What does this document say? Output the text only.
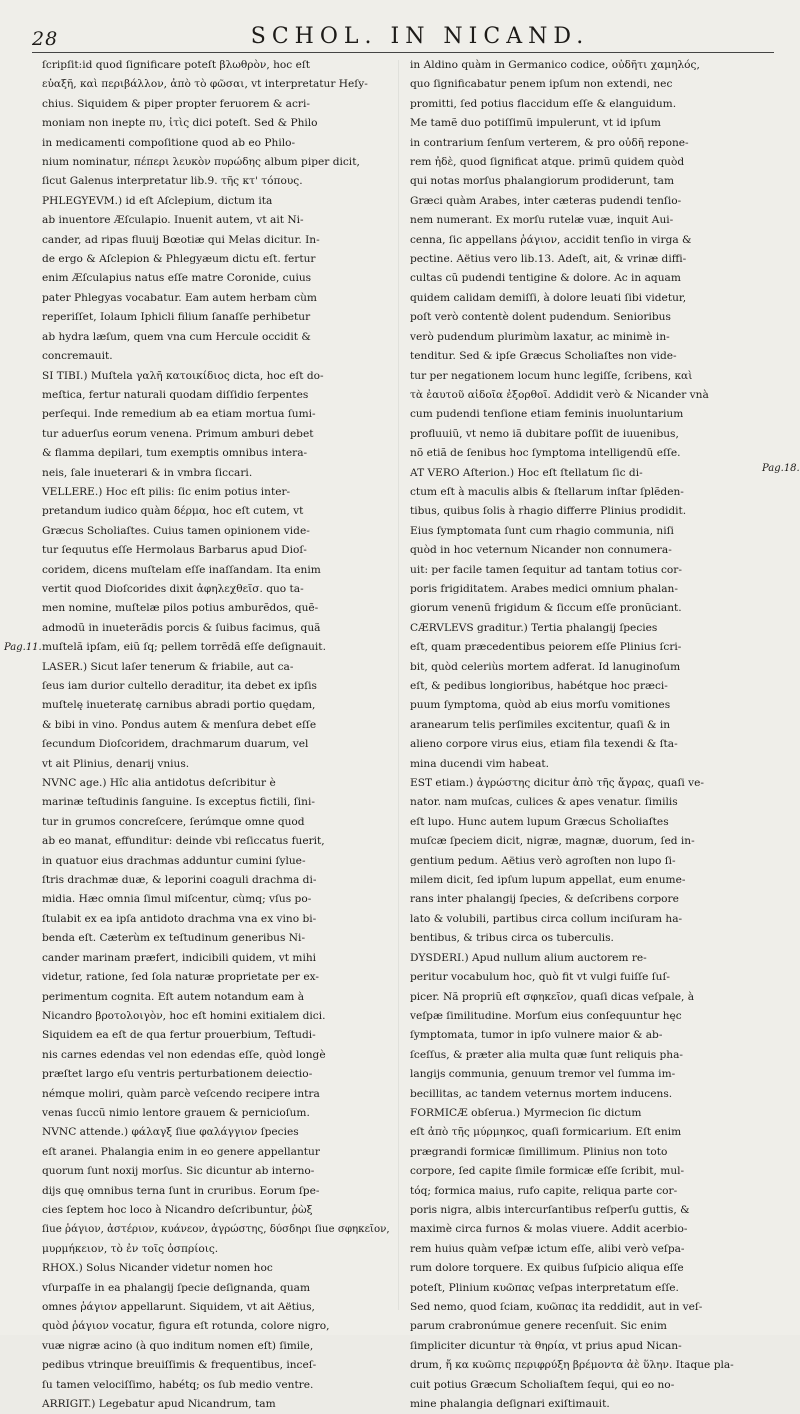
28	SCHOL. IN NICAND.
ſcripſit:id quod ſignificare poteſt βλωθρὸν, hoc eſt
εὐαξῆ, καὶ περιβάλλον, ἀπὸ τὸ φῶσαι, vt interpretatur Heſy-
chius. Siquidem & piper propter feruorem & acri-
moniam non inepte πυ, ἰτὶς dici poteſt. Sed & Philo
in medicamenti compoſitione quod ab eo Philo-
nium nominatur, πέπερι λευκὸν πυρώδης album piper dicit,
ſicut Galenus interpretatur lib.9. τῆς κτ' τόπους.
PHLEGYEVM.) id eſt Aſclepium, dictum ita
ab inuentore Æſculapio. Inuenit autem, vt ait Ni-
cander, ad ripas fluuij Bœotiæ qui Melas dicitur. In-
de ergo & Aſclepion & Phlegyæum dictu eſt. fertur
enim Æſculapius natus eſſe matre Coronide, cuius
pater Phlegyas vocabatur. Eam autem herbam cùm
reperiſſet, Iolaum Iphicli filium ſanaſſe perhibetur
ab hydra læſum, quem vna cum Hercule occidit &
concremauit.
SI TIBI.) Muſtela γαλῆ κατοικίδιος dicta, hoc eſt do-
meſtica, fertur naturali quodam diſſidio ſerpentes
perſequi. Inde remedium ab ea etiam mortua ſumi-
tur aduerſus eorum venena. Primum amburi debet
& flamma depilari, tum exemptis omnibus intera-
neis, ſale inueterari & in vmbra ſiccari.
VELLERE.) Hoc eſt pilis: ſic enim potius inter-
pretandum iudico quàm δέρμα, hoc eſt cutem, vt
Græcus Scholiaſtes. Cuius tamen opinionem vide-
tur ſequutus eſſe Hermolaus Barbarus apud Dioſ-
coridem, dicens muſtelam eſſe inaſſandam. Ita enim
vertit quod Dioſcorides dixit ἀφηλεχθεῖσ. quo ta-
men nomine, muſtelæ pilos potius amburẽdos, quẽ-
admodũ in inueterãdis porcis & ſuibus facimus, quã
muſtelã ipſam, eiũ ſq; pellem torrẽdã eſſe deſignauit.
LASER.) Sicut laſer tenerum & friabile, aut ca-
ſeus iam durior cultello deraditur, ita debet ex ipſis
muſtelę inueteratę carnibus abradi portio quędam,
& bibi in vino. Pondus autem & menſura debet eſſe
ſecundum Dioſcoridem, drachmarum duarum, vel
vt ait Plinius, denarij vnius.
NVNC age.) Hîc alia antidotus deſcribitur è
marinæ teſtudinis ſanguine. Is exceptus fictili, ſini-
tur in grumos concreſcere, ſerúmque omne quod
ab eo manat, effunditur: deinde vbi reſiccatus fuerit,
in quatuor eius drachmas adduntur cumini ſylue-
ſtris drachmæ duæ, & leporini coaguli drachma di-
midia. Hæc omnia ſimul miſcentur, cùmq; vſus po-
ſtulabit ex ea ipſa antidoto drachma vna ex vino bi-
benda eſt. Cæterùm ex teſtudinum generibus Ni-
cander marinam præfert, indicibili quidem, vt mihi
videtur, ratione, ſed ſola naturæ proprietate per ex-
perimentum cognita. Eſt autem notandum eam à
Nicandro βροτολοιγὸν, hoc eſt homini exitialem dici.
Siquidem ea eſt de qua fertur prouerbium, Teſtudi-
nis carnes edendas vel non edendas eſſe, quòd longè
præſtet largo eſu ventris perturbationem deiectio-
némque moliri, quàm parcè veſcendo recipere intra
venas ſuccũ nimio lentore grauem & pernicioſum.
NVNC attende.) φάλαγξ ſiue φαλάγγιον ſpecies
eſt aranei. Phalangia enim in eo genere appellantur
quorum ſunt noxij morſus. Sic dicuntur ab interno-
dijs quę omnibus terna ſunt in cruribus. Eorum ſpe-
cies ſeptem hoc loco à Nicandro deſcribuntur, ῥὼξ
ſiue ῥάγιον, ἀστέριον, κυάνεον, ἀγρώστης, δύσδηρι ſiue σφηκεῖον,
μυρμήκειον, τὸ ἐν τοῖς ὀσπρίοις.
RHOX.) Solus Nicander videtur nomen hoc
vſurpaſſe in ea phalangij ſpecie deſignanda, quam
omnes ῥάγιον appellarunt. Siquidem, vt ait Aëtius,
quòd ῥάγιον vocatur, figura eſt rotunda, colore nigro,
vuæ nigræ acino (à quo inditum nomen eſt) ſimile,
pedibus vtrinque breuiſſimis & frequentibus, inceſ-
ſu tamen velociſſimo, habétq; os ſub medio ventre.
ARRIGIT.) Legebatur apud Nicandrum, tam
in Aldino quàm in Germanico codice, οὐδῆτι χαμηλός,
quo ſignificabatur penem ipſum non extendi, nec
promitti, ſed potius flaccidum eſſe & elanguidum.
Me tamẽ duo potiſſimũ impulerunt, vt id ipſum
in contrarium ſenſum verterem, & pro οὐδῆ repone-
rem ἠδὲ, quod ſignificat atque. primũ quidem quòd
qui notas morſus phalangiorum prodiderunt, tam
Græci quàm Arabes, inter cæteras pudendi tenſio-
nem numerant. Ex morſu rutelæ vuæ, inquit Aui-
cenna, ſic appellans ῥάγιον, accidit tenſio in virga &
pectine. Aëtius vero lib.13. Adeſt, ait, & vrinæ diffi-
cultas cũ pudendi tentigine & dolore. Ac in aquam
quidem calidam demiſſi, à dolore leuati ſibi videtur,
poſt verò contentè dolent pudendum. Senioribus
verò pudendum plurimùm laxatur, ac minimè in-
tenditur. Sed & ipſe Græcus Scholiaſtes non vide-
tur per negationem locum hunc legiſſe, ſcribens, καὶ
τὰ ἐαυτοῦ αἰδοῖα ἐξορθοῖ. Addidit verò & Nicander vnà
cum pudendi tenſione etiam feminis inuoluntarium
profluuiũ, vt nemo iã dubitare poſſit de iuuenibus,
nõ etiã de ſenibus hoc ſymptoma intelligendũ eſſe.
AT VERO Aſterion.) Hoc eſt ſtellatum ſic di-
ctum eſt à maculis albis & ſtellarum inſtar ſplẽden-
tibus, quibus ſolis à rhagio differre Plinius prodidit.
Eius ſymptomata ſunt cum rhagio communia, niſi
quòd in hoc veternum Nicander non connumera-
uit: per facile tamen ſequitur ad tantam totius cor-
poris frigiditatem. Arabes medici omnium phalan-
giorum venenũ frigidum & ſiccum eſſe pronũciant.
CÆRVLEVS graditur.) Tertia phalangij ſpecies
eſt, quam præcedentibus peiorem eſſe Plinius ſcri-
bit, quòd celeriùs mortem adferat. Id lanuginoſum
eſt, & pedibus longioribus, habétque hoc præci-
puum ſymptoma, quòd ab eius morſu vomitiones
aranearum telis perſimiles excitentur, quaſi & in
alieno corpore virus eius, etiam fila texendi & ſta-
mina ducendi vim habeat.
EST etiam.) ἀγρώστης dicitur ἀπὸ τῆς ἄγρας, quaſi ve-
nator. nam muſcas, culices & apes venatur. ſimilis
eſt lupo. Hunc autem lupum Græcus Scholiaſtes
muſcæ ſpeciem dicit, nigræ, magnæ, duorum, ſed in-
gentium pedum. Aëtius verò agroſten non lupo ſi-
milem dicit, ſed ipſum lupum appellat, eum enume-
rans inter phalangij ſpecies, & deſcribens corpore
lato & volubili, partibus circa collum inciſuram ha-
bentibus, & tribus circa os tuberculis.
DYSDERI.) Apud nullum alium auctorem re-
peritur vocabulum hoc, quò fit vt vulgi fuiſſe ſuſ-
picer. Nã propriũ eſt σφηκεῖον, quaſi dicas veſpale, à
veſpæ ſimilitudine. Morſum eius conſequuntur hęc
ſymptomata, tumor in ipſo vulnere maior & ab-
ſceſſus, & præter alia multa quæ ſunt reliquis pha-
langijs communia, genuum tremor vel ſumma im-
becillitas, ac tandem veternus mortem inducens.
FORMICÆ obſerua.) Myrmecion ſic dictum
eſt ἀπὸ τῆς μύρμηκος, quaſi formicarium. Eſt enim
prægrandi formicæ ſimillimum. Plinius non toto
corpore, ſed capite ſimile formicæ eſſe ſcribit, mul-
tóq; formica maius, rufo capite, reliqua parte cor-
poris nigra, albis intercurſantibus reſperſu guttis, &
maximè circa furnos & molas viuere. Addit acerbio-
rem huius quàm veſpæ ictum eſſe, alibi verò veſpa-
rum dolore torquere. Ex quibus ſuſpicio aliqua eſſe
poteſt, Plinium κυῶπας veſpas interpretatum eſſe.
Sed nemo, quod ſciam, κυῶπας ita reddidit, aut in veſ-
parum crabronúmue genere recenſuit. Sic enim
ſimpliciter dicuntur τὰ θηρία, vt prius apud Nican-
drum, ἤ κα κυῶπις περιφρύξη βρέμοντα ἀὲ ὕλην. Itaque pla-
cuit potius Græcum Scholiaſtem ſequi, qui eo no-
mine phalangia deſignari exiſtimauit.
Pag.11.
Pag.18.
